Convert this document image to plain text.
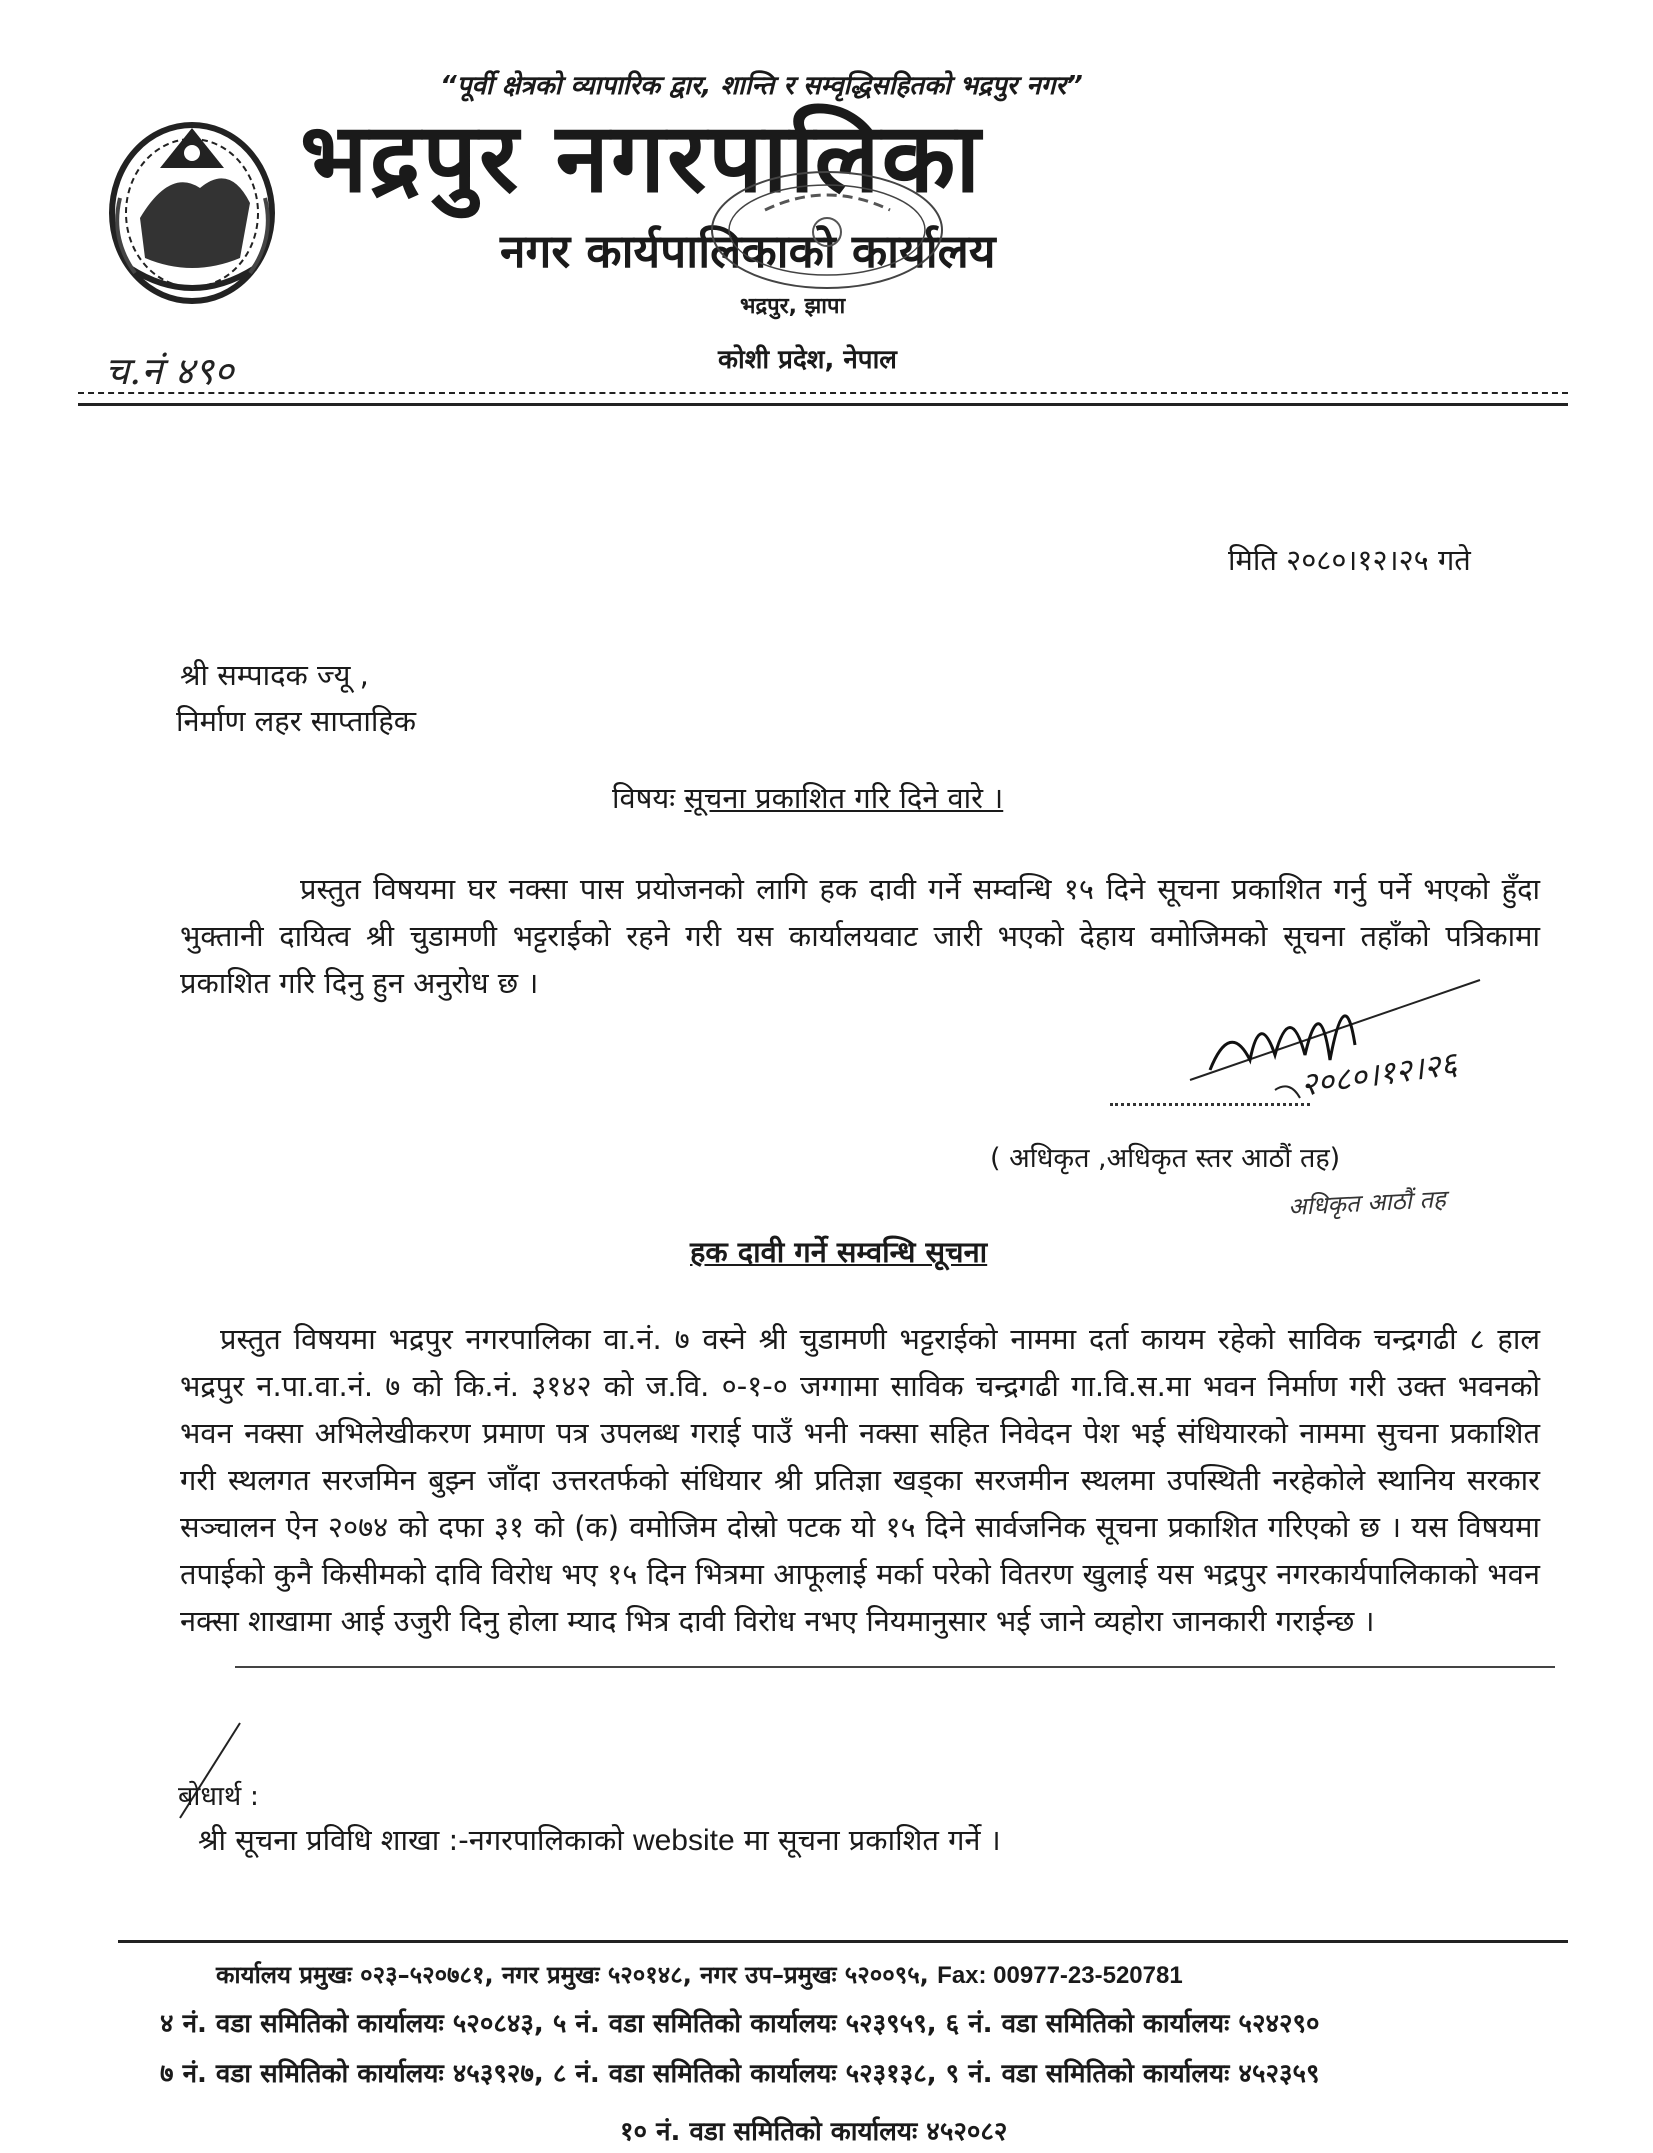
“पूर्वी क्षेत्रको व्यापारिक द्वार, शान्ति र सम्वृद्धिसहितको भद्रपुर नगर”
भद्रपुर नगरपालिका
नगर कार्यपालिकाको कार्यालय
भद्रपुर, झापा
कोशी प्रदेश, नेपाल
च.नं ४९०
मिति २०८०।१२।२५ गते
श्री सम्पादक ज्यू ,
निर्माण लहर साप्ताहिक
विषयः सूचना प्रकाशित गरि दिने वारे ।
प्रस्तुत विषयमा घर नक्सा पास प्रयोजनको लागि हक दावी गर्ने सम्वन्धि १५ दिने सूचना प्रकाशित गर्नु पर्ने भएको हुँदा भुक्तानी दायित्व श्री चुडामणी भट्टराईको रहने गरी यस कार्यालयवाट जारी भएको देहाय वमोजिमको सूचना तहाँको पत्रिकामा प्रकाशित गरि दिनु हुन अनुरोध छ ।
२०८०।१२।२६
( अधिकृत ,अधिकृत स्तर आठौं तह)
अधिकृत आठौं तह
हक दावी गर्ने सम्वन्धि सूचना
प्रस्तुत विषयमा भद्रपुर नगरपालिका वा.नं. ७ वस्ने श्री चुडामणी भट्टराईको नाममा दर्ता कायम रहेको साविक चन्द्रगढी ८ हाल भद्रपुर न.पा.वा.नं. ७ को कि.नं. ३१४२ को ज.वि. ०-१-० जग्गामा साविक चन्द्रगढी गा.वि.स.मा भवन निर्माण गरी उक्त भवनको भवन नक्सा अभिलेखीकरण प्रमाण पत्र उपलब्ध गराई पाउँ भनी नक्सा सहित निवेदन पेश भई संधियारको नाममा सुचना प्रकाशित गरी स्थलगत सरजमिन बुझ्न जाँदा उत्तरतर्फको संधियार श्री प्रतिज्ञा खड्का सरजमीन स्थलमा उपस्थिती नरहेकोले स्थानिय सरकार सञ्चालन ऐन २०७४ को दफा ३१ को (क) वमोजिम दोस्रो पटक यो १५ दिने सार्वजनिक सूचना प्रकाशित गरिएको छ । यस विषयमा तपाईको कुनै किसीमको दावि विरोध भए १५ दिन भित्रमा आफूलाई मर्का परेको वितरण खुलाई यस भद्रपुर नगरकार्यपालिकाको भवन नक्सा शाखामा आई उजुरी दिनु होला म्याद भित्र दावी विरोध नभए नियमानुसार भई जाने व्यहोरा जानकारी गराईन्छ ।
बोधार्थ :
श्री सूचना प्रविधि शाखा :-नगरपालिकाको website मा सूचना प्रकाशित गर्ने ।
कार्यालय प्रमुखः ०२३–५२०७८१, नगर प्रमुखः ५२०१४८, नगर उप–प्रमुखः ५२००९५, Fax: 00977-23-520781
४ नं. वडा समितिको कार्यालयः ५२०८४३, ५ नं. वडा समितिको कार्यालयः ५२३९५९, ६ नं. वडा समितिको कार्यालयः ५२४२९०
७ नं. वडा समितिको कार्यालयः ४५३९२७, ८ नं. वडा समितिको कार्यालयः ५२३१३८, ९ नं. वडा समितिको कार्यालयः ४५२३५९
१० नं. वडा समितिको कार्यालयः ४५२०८२
